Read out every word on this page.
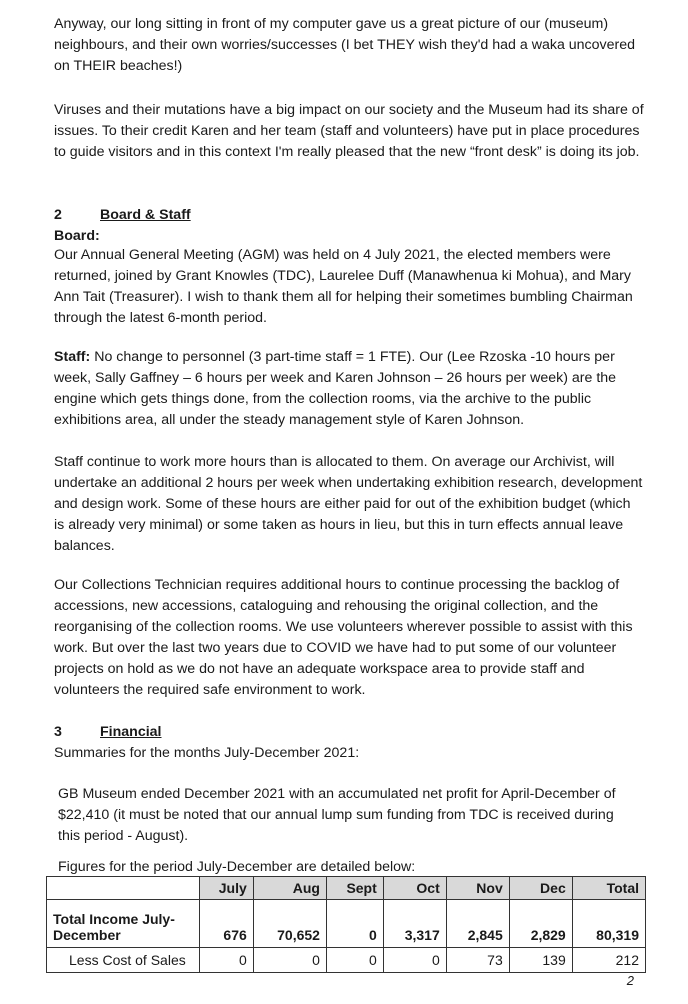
Anyway, our long sitting in front of my computer gave us a great picture of our (museum) neighbours, and their own worries/successes (I bet THEY wish they'd had a waka uncovered on THEIR beaches!)

Viruses and their mutations have a big impact on our society and the Museum had its share of issues. To their credit Karen and her team (staff and volunteers) have put in place procedures to guide visitors and in this context I'm really pleased that the new “front desk” is doing its job.

2	Board & Staff
Board:

Our Annual General Meeting (AGM) was held on 4 July 2021, the elected members were returned, joined by Grant Knowles (TDC), Laurelee Duff (Manawhenua ki Mohua), and Mary Ann Tait (Treasurer). I wish to thank them all for helping their sometimes bumbling Chairman through the latest 6-month period.

Staff: No change to personnel (3 part-time staff = 1 FTE). Our (Lee Rzoska -10 hours per week, Sally Gaffney – 6 hours per week and Karen Johnson – 26 hours per week) are the engine which gets things done, from the collection rooms, via the archive to the public exhibitions area, all under the steady management style of Karen Johnson.

Staff continue to work more hours than is allocated to them. On average our Archivist, will undertake an additional 2 hours per week when undertaking exhibition research, development and design work. Some of these hours are either paid for out of the exhibition budget (which is already very minimal) or some taken as hours in lieu, but this in turn effects annual leave balances.

Our Collections Technician requires additional hours to continue processing the backlog of accessions, new accessions, cataloguing and rehousing the original collection, and the reorganising of the collection rooms. We use volunteers wherever possible to assist with this work. But over the last two years due to COVID we have had to put some of our volunteer projects on hold as we do not have an adequate workspace area to provide staff and volunteers the required safe environment to work.

3	Financial

Summaries for the months July-December 2021:

GB Museum ended December 2021 with an accumulated net profit for April-December of $22,410 (it must be noted that our annual lump sum funding from TDC is received during this period - August).

Figures for the period July-December are detailed below:
	July	Aug	Sept	Oct	Nov	Dec	Total
Total Income July-December	676	70,652	0	3,317	2,845	2,829	80,319
Less Cost of Sales	0	0	0	0	73	139	212
2
